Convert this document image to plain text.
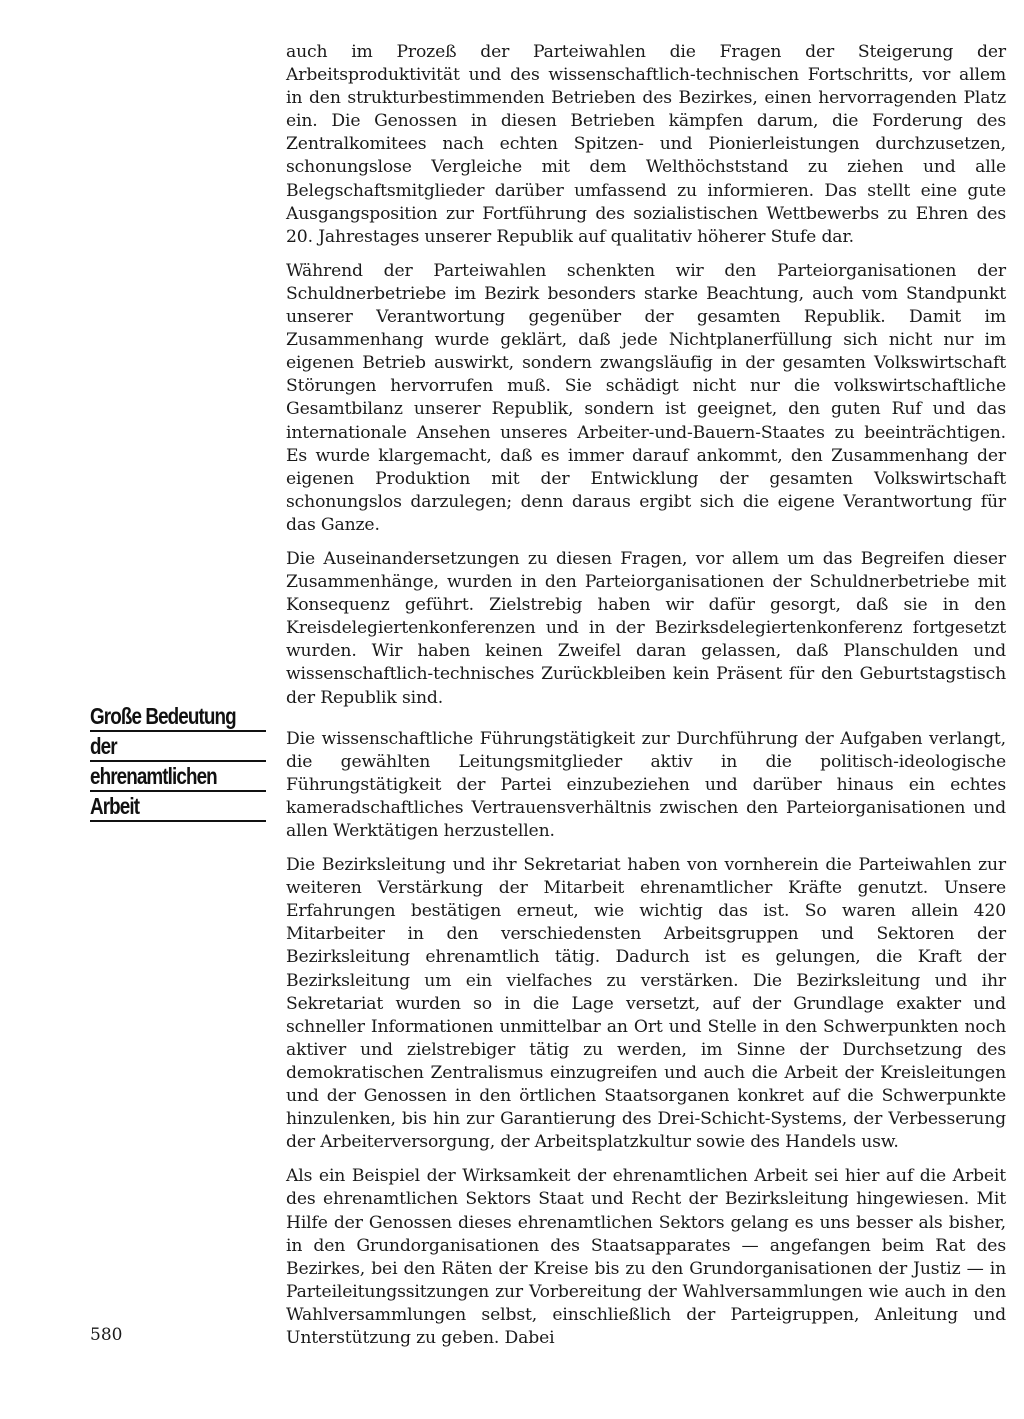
auch im Prozeß der Parteiwahlen die Fragen der Steigerung der Arbeitsproduktivität und des wissenschaftlich-technischen Fortschritts, vor allem in den strukturbestimmenden Betrieben des Bezirkes, einen hervorragenden Platz ein. Die Genossen in diesen Betrieben kämpfen darum, die Forderung des Zentralkomitees nach echten Spitzen- und Pionierleistungen durchzusetzen, schonungslose Vergleiche mit dem Welthöchststand zu ziehen und alle Belegschaftsmitglieder darüber umfassend zu informieren. Das stellt eine gute Ausgangsposition zur Fortführung des sozialistischen Wettbewerbs zu Ehren des 20. Jahrestages unserer Republik auf qualitativ höherer Stufe dar.

Während der Parteiwahlen schenkten wir den Parteiorganisationen der Schuldnerbetriebe im Bezirk besonders starke Beachtung, auch vom Standpunkt unserer Verantwortung gegenüber der gesamten Republik. Damit im Zusammenhang wurde geklärt, daß jede Nichtplanerfüllung sich nicht nur im eigenen Betrieb auswirkt, sondern zwangsläufig in der gesamten Volkswirtschaft Störungen hervorrufen muß. Sie schädigt nicht nur die volkswirtschaftliche Gesamtbilanz unserer Republik, sondern ist geeignet, den guten Ruf und das internationale Ansehen unseres Arbeiter-und-Bauern-Staates zu beeinträchtigen. Es wurde klargemacht, daß es immer darauf ankommt, den Zusammenhang der eigenen Produktion mit der Entwicklung der gesamten Volkswirtschaft schonungslos darzulegen; denn daraus ergibt sich die eigene Verantwortung für das Ganze.

Die Auseinandersetzungen zu diesen Fragen, vor allem um das Begreifen dieser Zusammenhänge, wurden in den Parteiorganisationen der Schuldnerbetriebe mit Konsequenz geführt. Zielstrebig haben wir dafür gesorgt, daß sie in den Kreisdelegiertenkonferenzen und in der Bezirksdelegiertenkonferenz fortgesetzt wurden. Wir haben keinen Zweifel daran gelassen, daß Planschulden und wissenschaftlich-technisches Zurückbleiben kein Präsent für den Geburtstagstisch der Republik sind.

Die wissenschaftliche Führungstätigkeit zur Durchführung der Aufgaben verlangt, die gewählten Leitungsmitglieder aktiv in die politisch-ideologische Führungstätigkeit der Partei einzubeziehen und darüber hinaus ein echtes kameradschaftliches Vertrauensverhältnis zwischen den Parteiorganisationen und allen Werktätigen herzustellen.

Die Bezirksleitung und ihr Sekretariat haben von vornherein die Parteiwahlen zur weiteren Verstärkung der Mitarbeit ehrenamtlicher Kräfte genutzt. Unsere Erfahrungen bestätigen erneut, wie wichtig das ist. So waren allein 420 Mitarbeiter in den verschiedensten Arbeitsgruppen und Sektoren der Bezirksleitung ehrenamtlich tätig. Dadurch ist es gelungen, die Kraft der Bezirksleitung um ein vielfaches zu verstärken. Die Bezirksleitung und ihr Sekretariat wurden so in die Lage versetzt, auf der Grundlage exakter und schneller Informationen unmittelbar an Ort und Stelle in den Schwerpunkten noch aktiver und zielstrebiger tätig zu werden, im Sinne der Durchsetzung des demokratischen Zentralismus einzugreifen und auch die Arbeit der Kreisleitungen und der Genossen in den örtlichen Staatsorganen konkret auf die Schwerpunkte hinzulenken, bis hin zur Garantierung des Drei-Schicht-Systems, der Verbesserung der Arbeiterversorgung, der Arbeitsplatzkultur sowie des Handels usw.

Als ein Beispiel der Wirksamkeit der ehrenamtlichen Arbeit sei hier auf die Arbeit des ehrenamtlichen Sektors Staat und Recht der Bezirksleitung hingewiesen. Mit Hilfe der Genossen dieses ehrenamtlichen Sektors gelang es uns besser als bisher, in den Grundorganisationen des Staatsapparates — angefangen beim Rat des Bezirkes, bei den Räten der Kreise bis zu den Grundorganisationen der Justiz — in Parteileitungssitzungen zur Vorbereitung der Wahlversammlungen wie auch in den Wahlversammlungen selbst, einschließlich der Parteigruppen, Anleitung und Unterstützung zu geben. Dabei

Große Bedeutung
der
ehrenamtlichen
Arbeit
580
